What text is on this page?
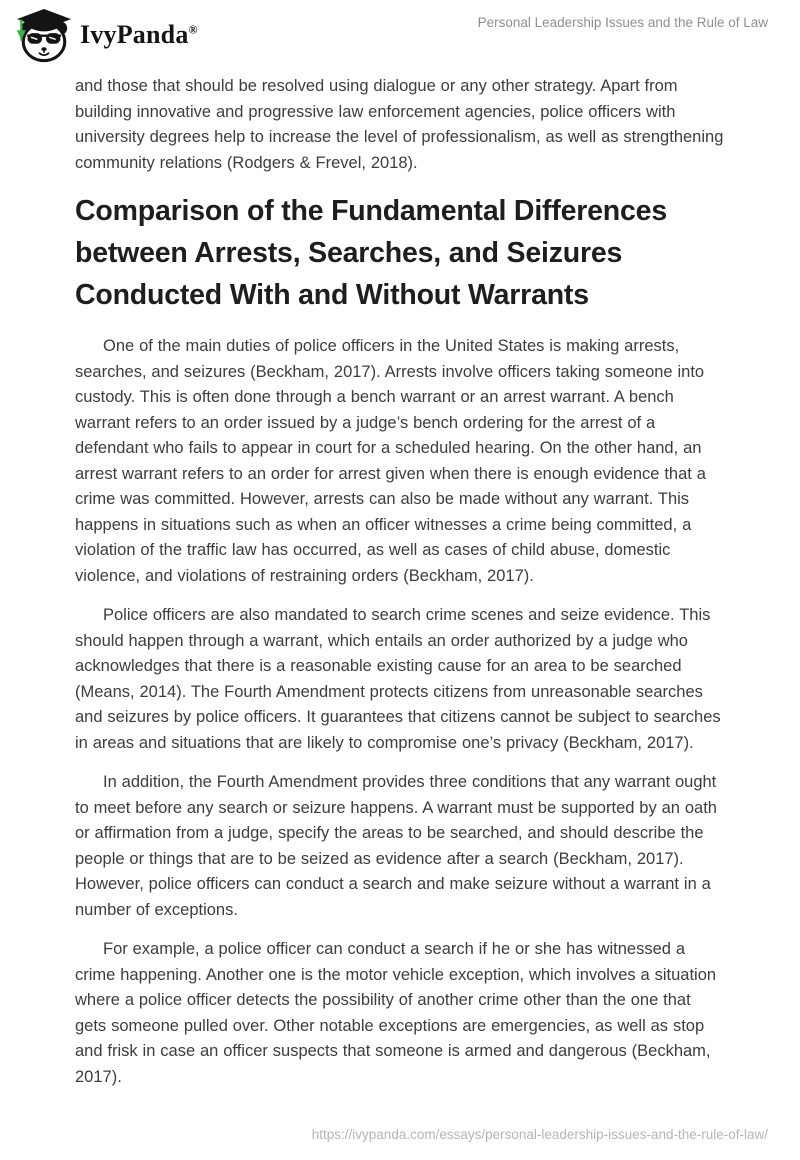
IvyPanda®	Personal Leadership Issues and the Rule of Law

and those that should be resolved using dialogue or any other strategy. Apart from building innovative and progressive law enforcement agencies, police officers with university degrees help to increase the level of professionalism, as well as strengthening community relations (Rodgers & Frevel, 2018).

Comparison of the Fundamental Differences between Arrests, Searches, and Seizures Conducted With and Without Warrants

One of the main duties of police officers in the United States is making arrests, searches, and seizures (Beckham, 2017). Arrests involve officers taking someone into custody. This is often done through a bench warrant or an arrest warrant. A bench warrant refers to an order issued by a judge’s bench ordering for the arrest of a defendant who fails to appear in court for a scheduled hearing. On the other hand, an arrest warrant refers to an order for arrest given when there is enough evidence that a crime was committed. However, arrests can also be made without any warrant. This happens in situations such as when an officer witnesses a crime being committed, a violation of the traffic law has occurred, as well as cases of child abuse, domestic violence, and violations of restraining orders (Beckham, 2017).

Police officers are also mandated to search crime scenes and seize evidence. This should happen through a warrant, which entails an order authorized by a judge who acknowledges that there is a reasonable existing cause for an area to be searched (Means, 2014). The Fourth Amendment protects citizens from unreasonable searches and seizures by police officers. It guarantees that citizens cannot be subject to searches in areas and situations that are likely to compromise one’s privacy (Beckham, 2017).

In addition, the Fourth Amendment provides three conditions that any warrant ought to meet before any search or seizure happens. A warrant must be supported by an oath or affirmation from a judge, specify the areas to be searched, and should describe the people or things that are to be seized as evidence after a search (Beckham, 2017). However, police officers can conduct a search and make seizure without a warrant in a number of exceptions.

For example, a police officer can conduct a search if he or she has witnessed a crime happening. Another one is the motor vehicle exception, which involves a situation where a police officer detects the possibility of another crime other than the one that gets someone pulled over. Other notable exceptions are emergencies, as well as stop and frisk in case an officer suspects that someone is armed and dangerous (Beckham, 2017).

https://ivypanda.com/essays/personal-leadership-issues-and-the-rule-of-law/
